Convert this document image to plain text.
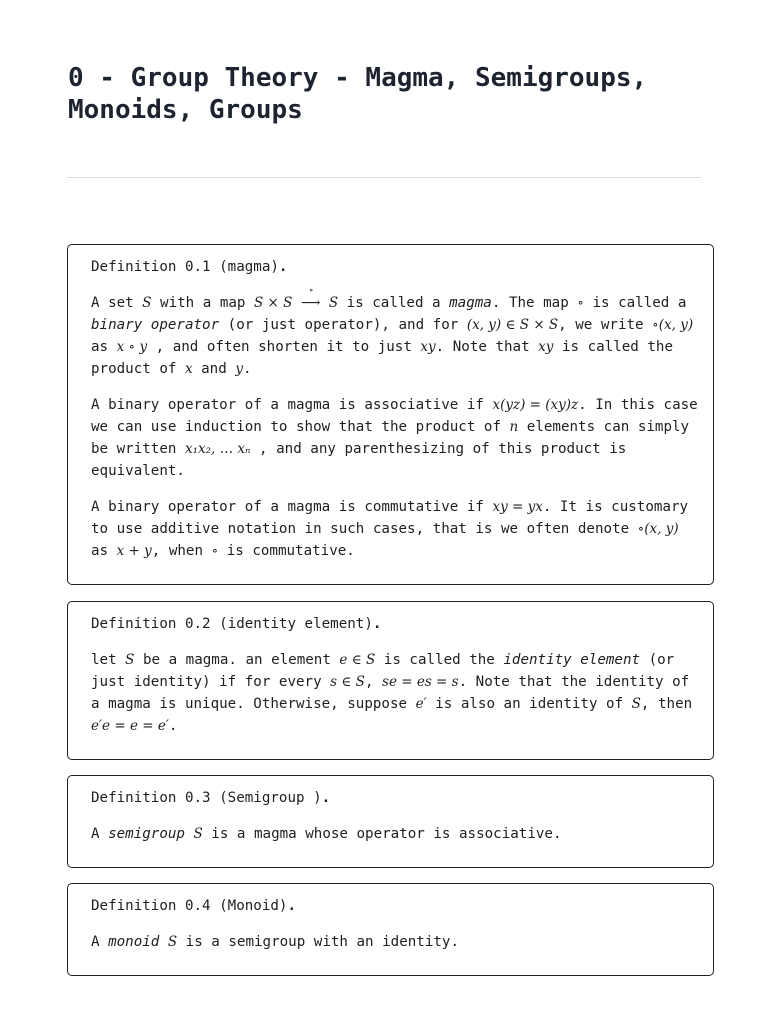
0 - Group Theory - Magma, Semigroups, Monoids, Groups

Definition 0.1 (magma).

A set S with a map S × S
∘
⟶ S is called a magma. The map ∘ is called a binary operator (or just operator), and for (x, y) ∈ S × S, we write ∘(x, y) as x ∘ y , and often shorten it to just xy. Note that xy is called the product of x and y.

A binary operator of a magma is associative if x(yz) = (xy)z. In this case we can use induction to show that the product of n elements can simply be written x₁x₂, … xₙ , and any parenthesizing of this product is equivalent.

A binary operator of a magma is commutative if xy = yx. It is customary to use additive notation in such cases, that is we often denote ∘(x, y) as x + y, when ∘ is commutative.

Definition 0.2 (identity element).

let S be a magma. an element e ∈ S is called the identity element (or just identity) if for every s ∈ S, se = es = s. Note that the identity of a magma is unique. Otherwise, suppose e′ is also an identity of S, then e′e = e = e′.

Definition 0.3 (Semigroup ).

A semigroup S is a magma whose operator is associative.

Definition 0.4 (Monoid).

A monoid S is a semigroup with an identity.
